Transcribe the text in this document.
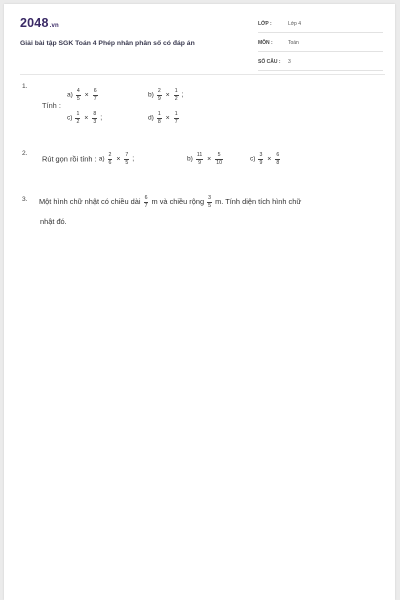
2048.vn
Giải bài tập SGK Toán 4 Phép nhân phân số có đáp án
LỚP :	Lớp 4
MÔN :	Toán
SỐ CÂU : 3
1.
Tính :
$a) \frac{4}{5} \times \frac{6}{7}$	$b) \frac{2}{9} \times \frac{1}{2}$ ;
$c) \frac{1}{2} \times \frac{8}{3}$ ;	$d) \frac{1}{8} \times \frac{1}{7}$
2.
Rút gọn rồi tính : $a) \frac{2}{6} \times \frac{7}{5}$ ;	$b) \frac{11}{9} \times \frac{5}{10}$	$c) \frac{3}{9} \times \frac{6}{8}$
3. Một hình chữ nhật có chiều dài $\frac{6}{7}$ m và chiều rộng $\frac{3}{5} m$. Tính diện tích hình chữ
nhật đó.
